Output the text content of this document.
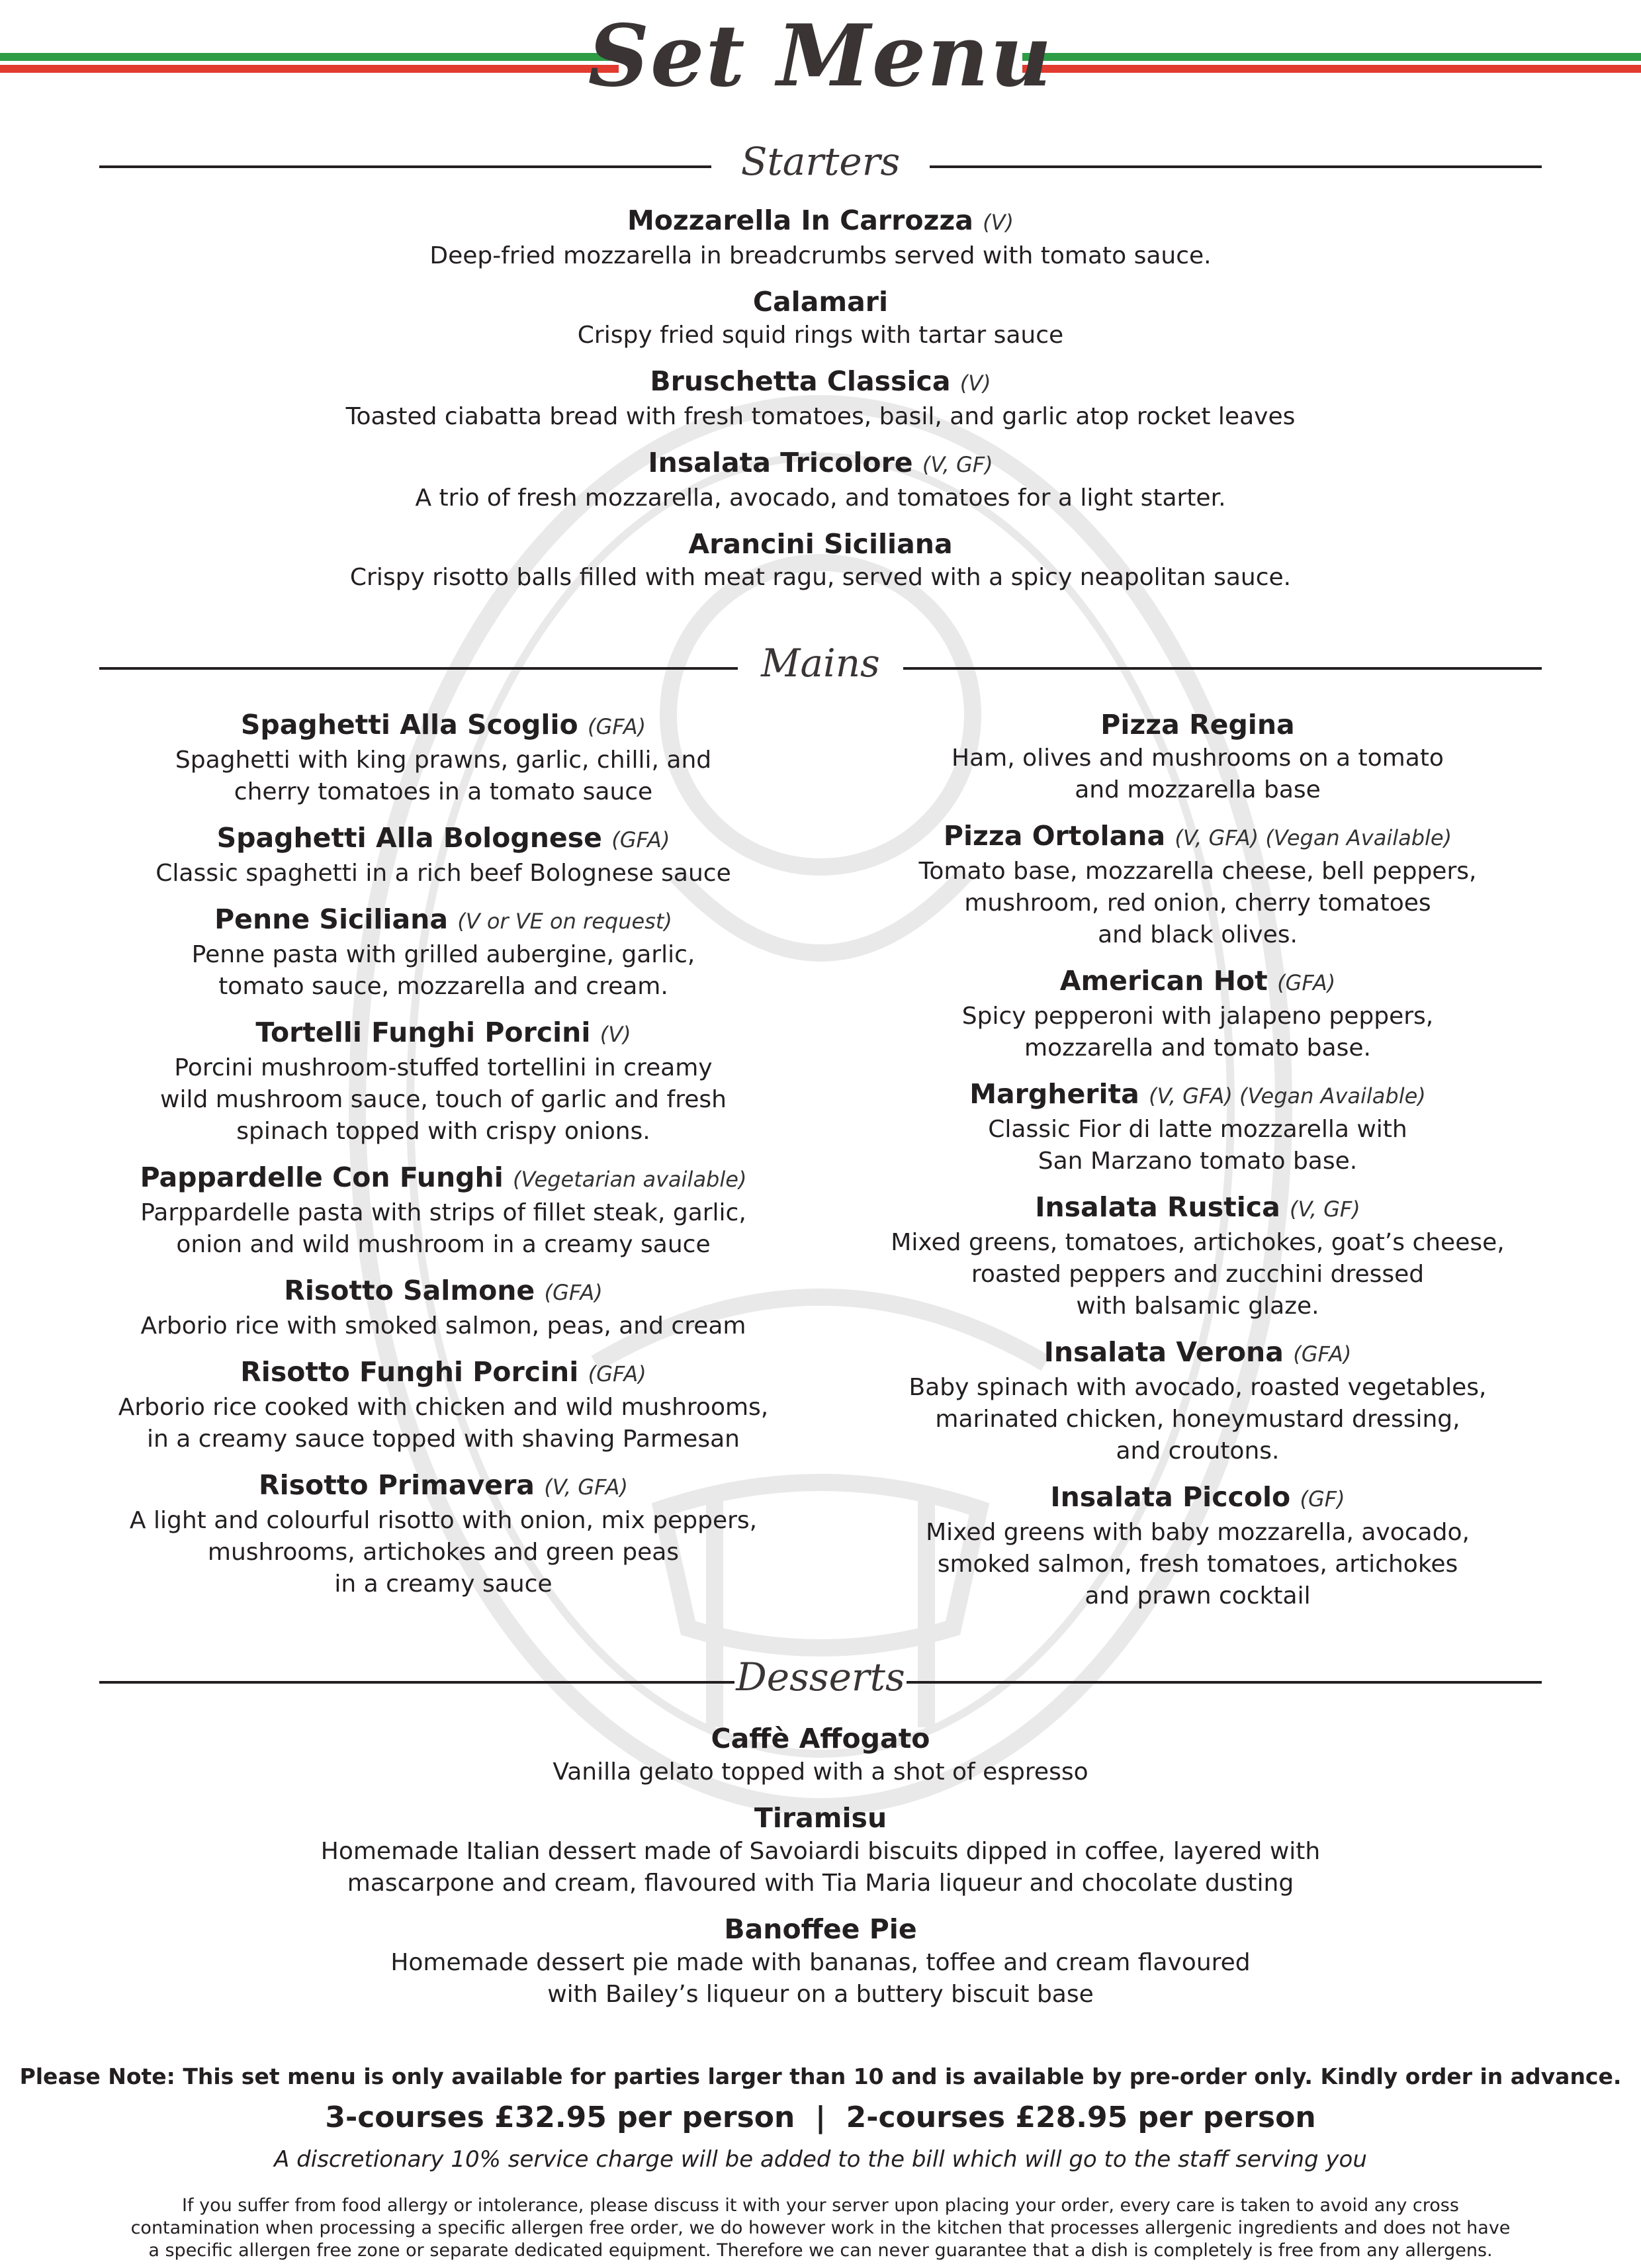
Set Menu
Starters
Mozzarella In Carrozza (V)
Deep-fried mozzarella in breadcrumbs served with tomato sauce.
Calamari
Crispy fried squid rings with tartar sauce
Bruschetta Classica (V)
Toasted ciabatta bread with fresh tomatoes, basil, and garlic atop rocket leaves
Insalata Tricolore (V, GF)
A trio of fresh mozzarella, avocado, and tomatoes for a light starter.
Arancini Siciliana
Crispy risotto balls filled with meat ragu, served with a spicy neapolitan sauce.
Mains
Spaghetti Alla Scoglio (GFA)
Spaghetti with king prawns, garlic, chilli, and
cherry tomatoes in a tomato sauce
Spaghetti Alla Bolognese (GFA)
Classic spaghetti in a rich beef Bolognese sauce
Penne Siciliana (V or VE on request)
Penne pasta with grilled aubergine, garlic,
tomato sauce, mozzarella and cream.
Tortelli Funghi Porcini (V)
Porcini mushroom-stuffed tortellini in creamy
wild mushroom sauce, touch of garlic and fresh
spinach topped with crispy onions.
Pappardelle Con Funghi (Vegetarian available)
Parppardelle pasta with strips of fillet steak, garlic,
onion and wild mushroom in a creamy sauce
Risotto Salmone (GFA)
Arborio rice with smoked salmon, peas, and cream
Risotto Funghi Porcini (GFA)
Arborio rice cooked with chicken and wild mushrooms,
in a creamy sauce topped with shaving Parmesan
Risotto Primavera (V, GFA)
A light and colourful risotto with onion, mix peppers,
mushrooms, artichokes and green peas
in a creamy sauce
Pizza Regina
Ham, olives and mushrooms on a tomato
and mozzarella base
Pizza Ortolana (V, GFA) (Vegan Available)
Tomato base, mozzarella cheese, bell peppers,
mushroom, red onion, cherry tomatoes
and black olives.
American Hot (GFA)
Spicy pepperoni with jalapeno peppers,
mozzarella and tomato base.
Margherita (V, GFA) (Vegan Available)
Classic Fior di latte mozzarella with
San Marzano tomato base.
Insalata Rustica (V, GF)
Mixed greens, tomatoes, artichokes, goat’s cheese,
roasted peppers and zucchini dressed
with balsamic glaze.
Insalata Verona (GFA)
Baby spinach with avocado, roasted vegetables,
marinated chicken, honeymustard dressing,
and croutons.
Insalata Piccolo (GF)
Mixed greens with baby mozzarella, avocado,
smoked salmon, fresh tomatoes, artichokes
and prawn cocktail
Desserts
Caffè Affogato
Vanilla gelato topped with a shot of espresso
Tiramisu
Homemade Italian dessert made of Savoiardi biscuits dipped in coffee, layered with
mascarpone and cream, flavoured with Tia Maria liqueur and chocolate dusting
Banoffee Pie
Homemade dessert pie made with bananas, toffee and cream flavoured
with Bailey’s liqueur on a buttery biscuit base
Please Note: This set menu is only available for parties larger than 10 and is available by pre-order only. Kindly order in advance.
3-courses £32.95 per person  |  2-courses £28.95 per person
A discretionary 10% service charge will be added to the bill which will go to the staff serving you
If you suffer from food allergy or intolerance, please discuss it with your server upon placing your order, every care is taken to avoid any cross
contamination when processing a specific allergen free order, we do however work in the kitchen that processes allergenic ingredients and does not have
a specific allergen free zone or separate dedicated equipment. Therefore we can never guarantee that a dish is completely is free from any allergens.
